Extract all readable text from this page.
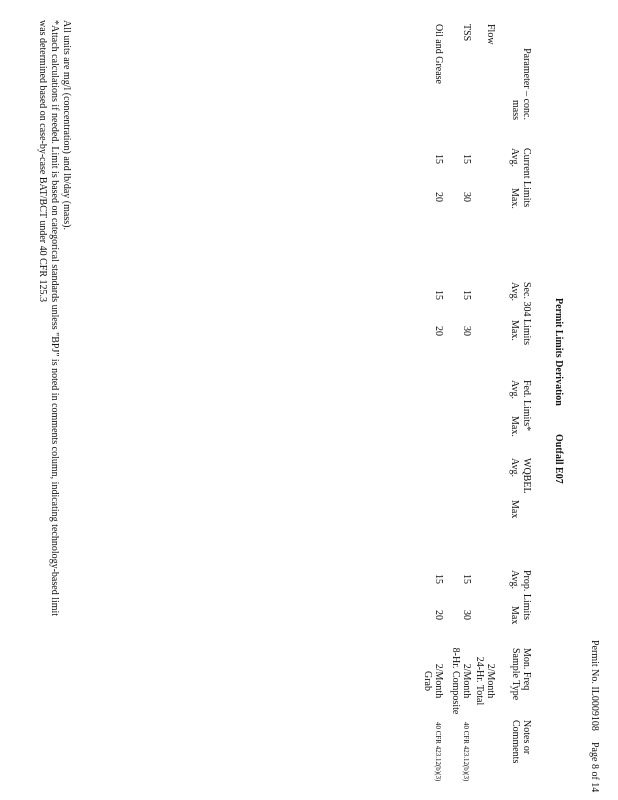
Permit No. IL0009108
Page 8 of 14
Permit Limits Derivation
Outfall E07
Parameter – conc.
mass
Current Limits
Avg.
Max.
Sec. 304 Limits
Avg.
Max.
Fed. Limits*
Avg.
Max.
WQBEL
Avg.
Max
Prop. Limits
Avg.
Max
Mon. Freq
Sample Type
Notes or
Comments
Flow
2/Month
24-Hr. Total
TSS
15
30
15
30
15
30
2/Month
8-Hr. Composite
40 CFR 423.12(b)(3)
Oil and Grease
15
20
15
20
15
20
2/Month
Grab
40 CFR 423.12(b)(3)
All units are mg/l (concentration) and lb/day (mass).
*Attach calculations if needed. Limit is based on categorical standards unless "BPJ" is noted in comments column, indicating technology-based limit
was determined based on case-by-case BAT/BCT under 40 CFR 125.3
